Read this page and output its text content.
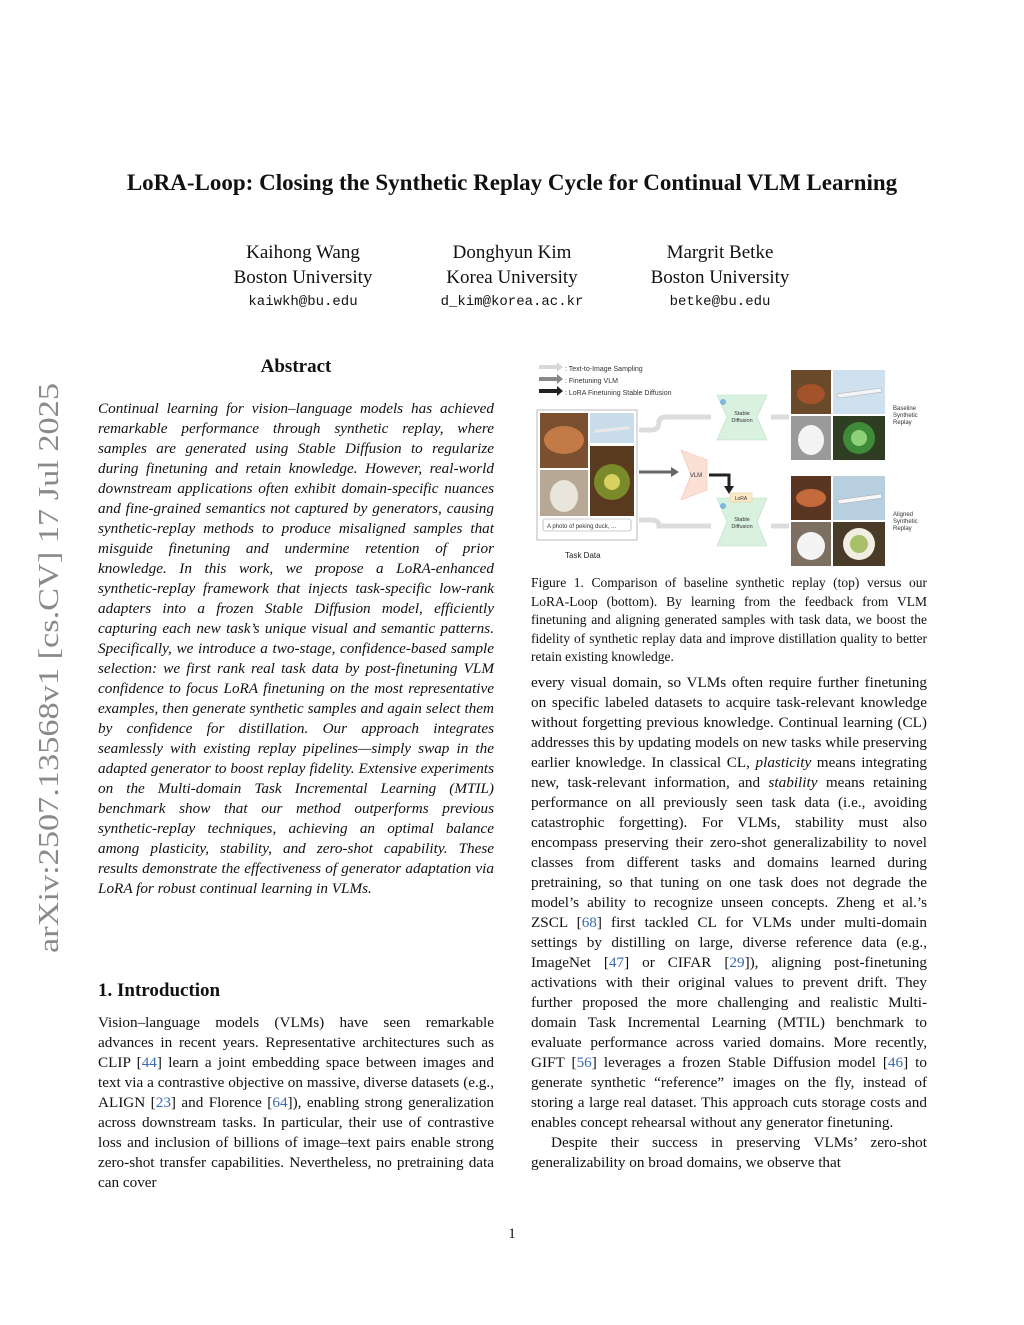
arXiv:2507.13568v1 [cs.CV] 17 Jul 2025
LoRA-Loop: Closing the Synthetic Replay Cycle for Continual VLM Learning
Kaihong Wang
Boston University
kaiwkh@bu.edu
Donghyun Kim
Korea University
d_kim@korea.ac.kr
Margrit Betke
Boston University
betke@bu.edu
Abstract
Continual learning for vision–language models has achieved remarkable performance through synthetic replay, where samples are generated using Stable Diffusion to regularize during finetuning and retain knowledge. However, real-world downstream applications often exhibit domain-specific nuances and fine-grained semantics not captured by generators, causing synthetic-replay methods to produce misaligned samples that misguide finetuning and undermine retention of prior knowledge. In this work, we propose a LoRA-enhanced synthetic-replay framework that injects task-specific low-rank adapters into a frozen Stable Diffusion model, efficiently capturing each new task’s unique visual and semantic patterns. Specifically, we introduce a two-stage, confidence-based sample selection: we first rank real task data by post-finetuning VLM confidence to focus LoRA finetuning on the most representative examples, then generate synthetic samples and again select them by confidence for distillation. Our approach integrates seamlessly with existing replay pipelines—simply swap in the adapted generator to boost replay fidelity. Extensive experiments on the Multi-domain Task Incremental Learning (MTIL) benchmark show that our method outperforms previous synthetic-replay techniques, achieving an optimal balance among plasticity, stability, and zero-shot capability. These results demonstrate the effectiveness of generator adaptation via LoRA for robust continual learning in VLMs.
1. Introduction

Vision–language models (VLMs) have seen remarkable advances in recent years. Representative architectures such as CLIP [44] learn a joint embedding space between images and text via a contrastive objective on massive, diverse datasets (e.g., ALIGN [23] and Florence [64]), enabling strong generalization across downstream tasks. In particular, their use of contrastive loss and inclusion of billions of image–text pairs enable strong zero-shot transfer capabilities. Nevertheless, no pretraining data can cover

: Text-to-Image Sampling
: Finetuning VLM
: LoRA Finetuning Stable Diffusion
A photo of peking duck, ...
Task Data
Stable
Diffusion
VLM
LoRA
Stable
Diffusion
Baseline
Synthetic
Replay
Aligned
Synthetic
Replay
Figure 1. Comparison of baseline synthetic replay (top) versus our LoRA-Loop (bottom). By learning from the feedback from VLM finetuning and aligning generated samples with task data, we boost the fidelity of synthetic replay data and improve distillation quality to better retain existing knowledge.

every visual domain, so VLMs often require further finetuning on specific labeled datasets to acquire task-relevant knowledge without forgetting previous knowledge. Continual learning (CL) addresses this by updating models on new tasks while preserving earlier knowledge. In classical CL, plasticity means integrating new, task-relevant information, and stability means retaining performance on all previously seen task data (i.e., avoiding catastrophic forgetting). For VLMs, stability must also encompass preserving their zero-shot generalizability to novel classes from different tasks and domains learned during pretraining, so that tuning on one task does not degrade the model’s ability to recognize unseen concepts. Zheng et al.’s ZSCL [68] first tackled CL for VLMs under multi-domain settings by distilling on large, diverse reference data (e.g., ImageNet [47] or CIFAR [29]), aligning post-finetuning activations with their original values to prevent drift. They further proposed the more challenging and realistic Multi-domain Task Incremental Learning (MTIL) benchmark to evaluate performance across varied domains. More recently, GIFT [56] leverages a frozen Stable Diffusion model [46] to generate synthetic “reference” images on the fly, instead of storing a large real dataset. This approach cuts storage costs and enables concept rehearsal without any generator finetuning.

Despite their success in preserving VLMs’ zero-shot generalizability on broad domains, we observe that

1
